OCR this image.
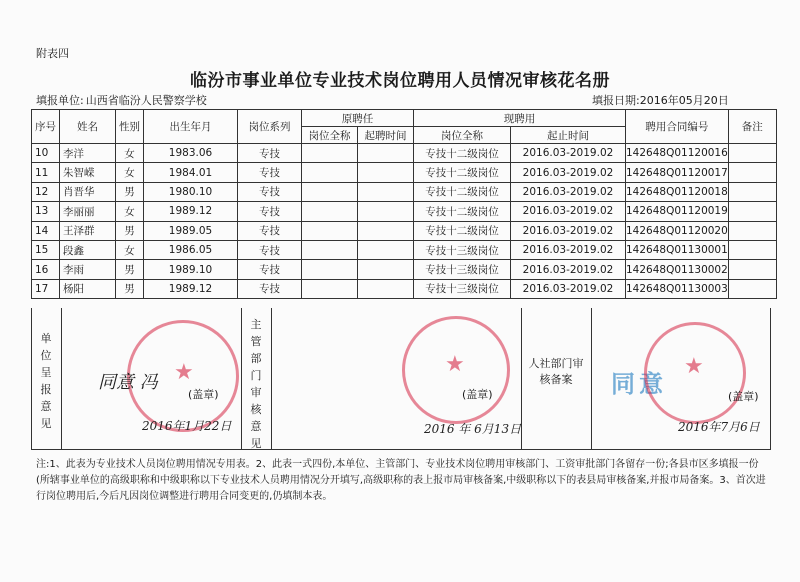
附表四
临汾市事业单位专业技术岗位聘用人员情况审核花名册
填报单位: 山西省临汾人民警察学校	填报日期:2016年05月20日
序号	姓名	性别	出生年月	岗位系列	原聘任		现聘用		聘用合同编号	备注
					岗位全称	起聘时间	岗位全称	起止时间		
10	李洋	女	1983.06	专技			专技十二级岗位	2016.03-2019.02	142648Q01120016	
11	朱智嵘	女	1984.01	专技			专技十二级岗位	2016.03-2019.02	142648Q01120017	
12	肖晋华	男	1980.10	专技			专技十二级岗位	2016.03-2019.02	142648Q01120018	
13	李丽丽	女	1989.12	专技			专技十二级岗位	2016.03-2019.02	142648Q01120019	
14	王泽群	男	1989.05	专技			专技十二级岗位	2016.03-2019.02	142648Q01120020	
15	段鑫	女	1986.05	专技			专技十三级岗位	2016.03-2019.02	142648Q01130001	
16	李雨	男	1989.10	专技			专技十三级岗位	2016.03-2019.02	142648Q01130002	
17	杨阳	男	1989.12	专技			专技十三级岗位	2016.03-2019.02	142648Q01130003	
单位呈报意见
★
同意 冯
(盖章)
2016年1月22日
主管部门审核意见
★
(盖章)
2016 年 6月13日
人社部门审核备案	同意
★
(盖章)
2016年7月6日
注:1、此表为专业技术人员岗位聘用情况专用表。2、此表一式四份,本单位、主管部门、专业技术岗位聘用审核部门、工资审批部门各留存一份;各县市区多填报一份(所辖事业单位的高级职称和中级职称以下专业技术人员聘用情况分开填写,高级职称的表上报市局审核备案,中级职称以下的表县局审核备案,并报市局备案。3、首次进行岗位聘用后,今后凡因岗位调整进行聘用合同变更的,仍填制本表。
